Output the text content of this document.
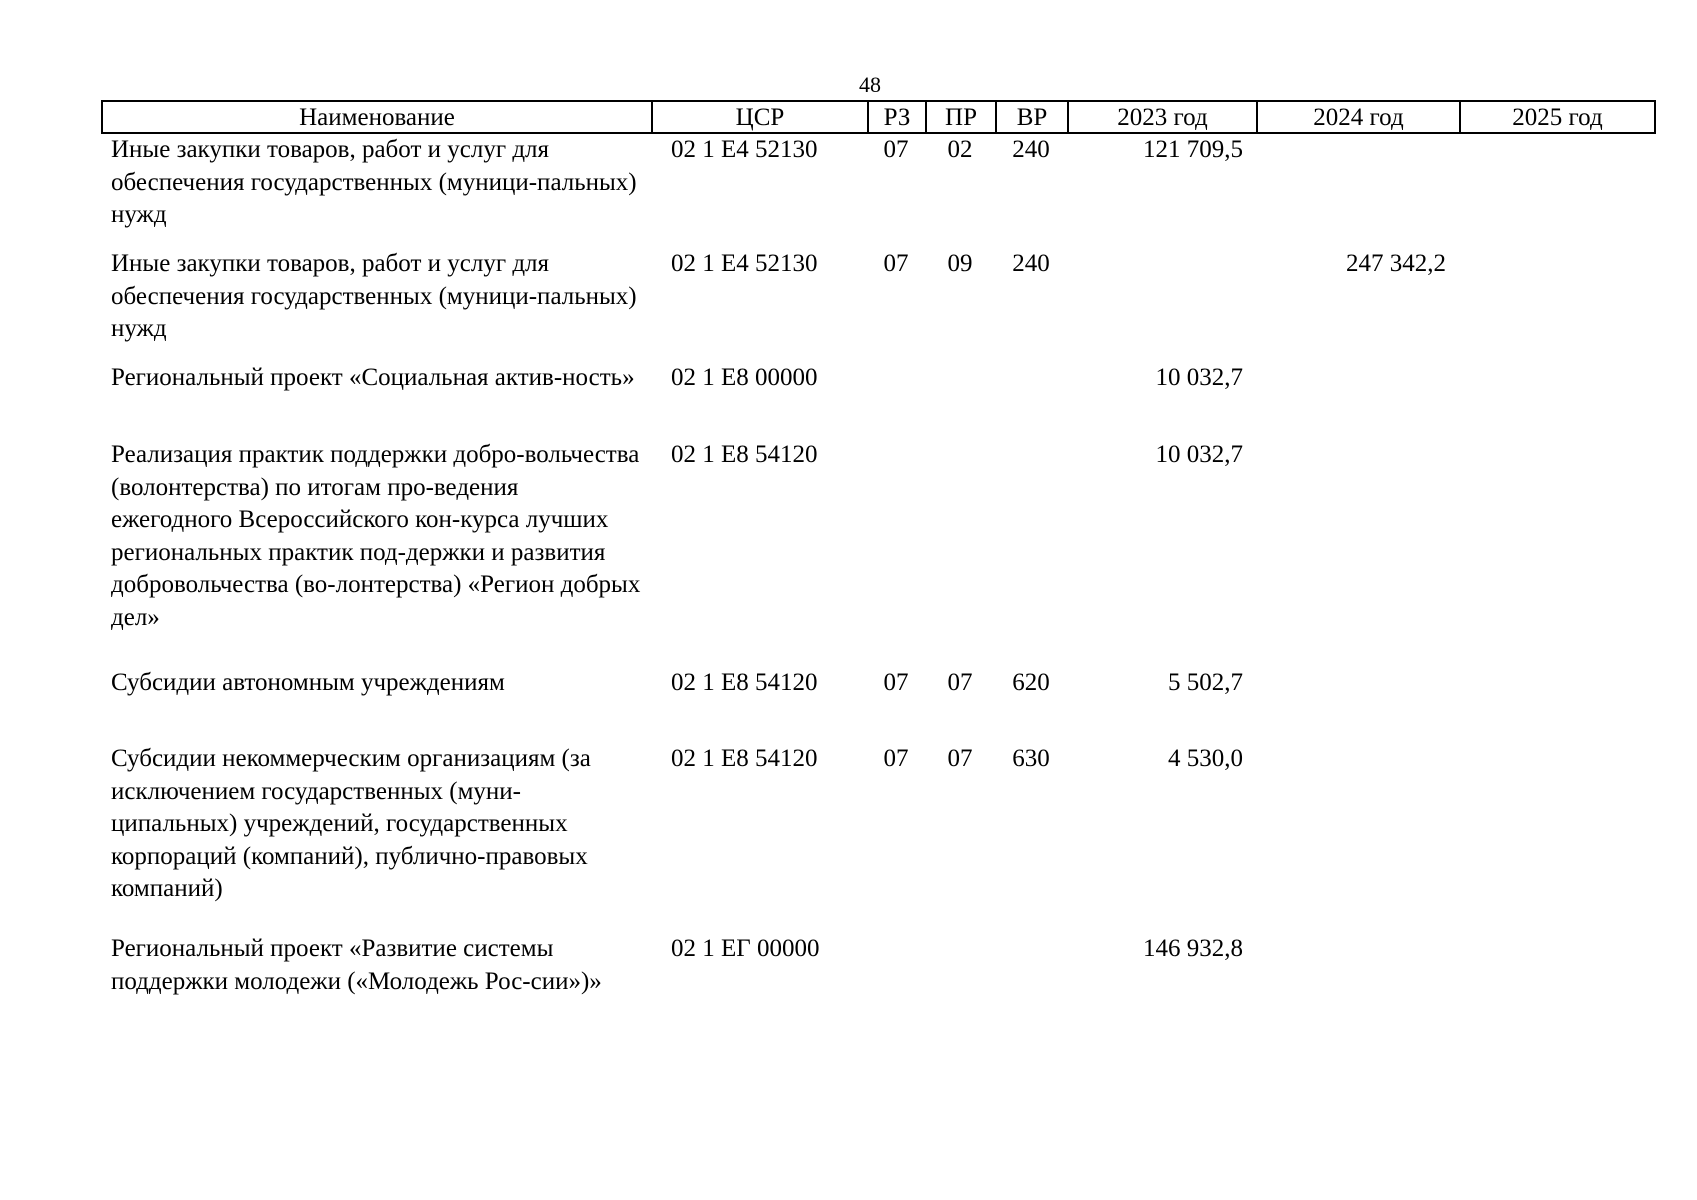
48
Наименование	ЦСР	РЗ	ПР	ВР	2023 год	2024 год	2025 год
Иные закупки товаров, работ и услуг для обеспечения государственных (муници-пальных) нужд	02 1 E4 52130	07	02	240	121 709,5		
Иные закупки товаров, работ и услуг для обеспечения государственных (муници-пальных) нужд	02 1 E4 52130	07	09	240		247 342,2	
Региональный проект «Социальная актив-ность»	02 1 E8 00000				10 032,7		
Реализация практик поддержки добро-вольчества (волонтерства) по итогам про-ведения ежегодного Всероссийского кон-курса лучших региональных практик под-держки и развития добровольчества (во-лонтерства) «Регион добрых дел»	02 1 E8 54120				10 032,7		
Субсидии автономным учреждениям	02 1 E8 54120	07	07	620	5 502,7		
Субсидии некоммерческим организациям (за исключением государственных (муни-ципальных) учреждений, государственных корпораций (компаний), публично-правовых компаний)	02 1 E8 54120	07	07	630	4 530,0		
Региональный проект «Развитие системы поддержки молодежи («Молодежь Рос-сии»)»	02 1 EГ 00000				146 932,8		
